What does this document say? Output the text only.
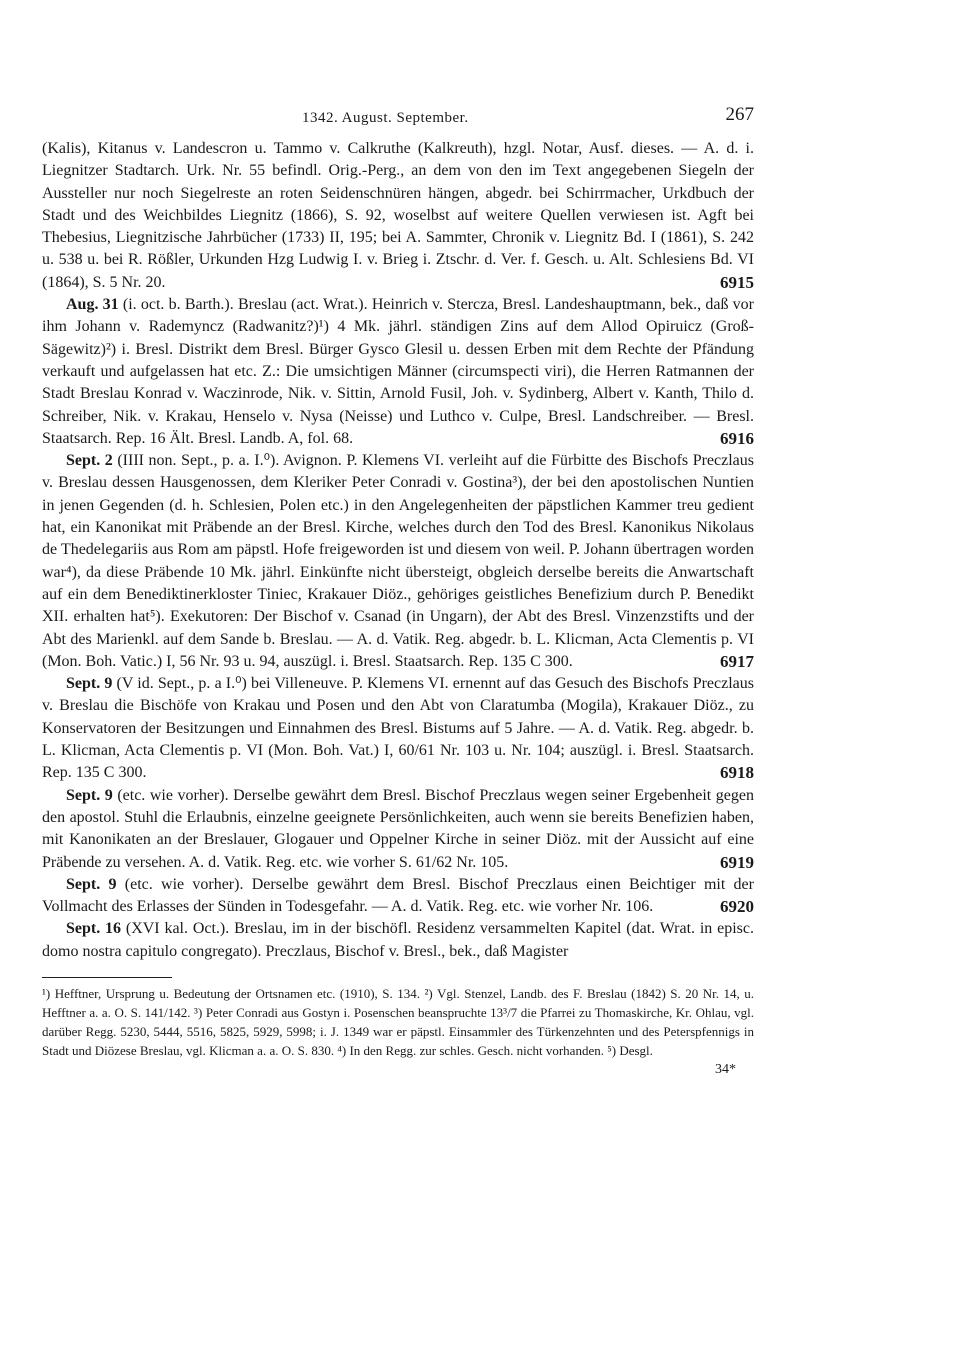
1342. August. September.	267

(Kalis), Kitanus v. Landescron u. Tammo v. Calkruthe (Kalkreuth), hzgl. Notar, Ausf. dieses. — A. d. i. Liegnitzer Stadtarch. Urk. Nr. 55 befindl. Orig.-Perg., an dem von den im Text angegebenen Siegeln der Aussteller nur noch Siegelreste an roten Seidenschnüren hängen, abgedr. bei Schirrmacher, Urkdbuch der Stadt und des Weichbildes Liegnitz (1866), S. 92, woselbst auf weitere Quellen verwiesen ist. Agft bei Thebesius, Liegnitzische Jahrbücher (1733) II, 195; bei A. Sammter, Chronik v. Liegnitz Bd. I (1861), S. 242 u. 538 u. bei R. Rößler, Urkunden Hzg Ludwig I. v. Brieg i. Ztschr. d. Ver. f. Gesch. u. Alt. Schlesiens Bd. VI (1864), S. 5 Nr. 20.	6915

Aug. 31 (i. oct. b. Barth.). Breslau (act. Wrat.). Heinrich v. Stercza, Bresl. Landeshauptmann, bek., daß vor ihm Johann v. Rademyncz (Radwanitz?)¹) 4 Mk. jährl. ständigen Zins auf dem Allod Opiruicz (Groß-Sägewitz)²) i. Bresl. Distrikt dem Bresl. Bürger Gysco Glesil u. dessen Erben mit dem Rechte der Pfändung verkauft und aufgelassen hat etc. Z.: Die umsichtigen Männer (circumspecti viri), die Herren Ratmannen der Stadt Breslau Konrad v. Waczinrode, Nik. v. Sittin, Arnold Fusil, Joh. v. Sydinberg, Albert v. Kanth, Thilo d. Schreiber, Nik. v. Krakau, Henselo v. Nysa (Neisse) und Luthco v. Culpe, Bresl. Landschreiber. — Bresl. Staatsarch. Rep. 16 Ält. Bresl. Landb. A, fol. 68.	6916

Sept. 2 (IIII non. Sept., p. a. I.⁰). Avignon. P. Klemens VI. verleiht auf die Fürbitte des Bischofs Preczlaus v. Breslau dessen Hausgenossen, dem Kleriker Peter Conradi v. Gostina³), der bei den apostolischen Nuntien in jenen Gegenden (d. h. Schlesien, Polen etc.) in den Angelegenheiten der päpstlichen Kammer treu gedient hat, ein Kanonikat mit Präbende an der Bresl. Kirche, welches durch den Tod des Bresl. Kanonikus Nikolaus de Thedelegariis aus Rom am päpstl. Hofe freigeworden ist und diesem von weil. P. Johann übertragen worden war⁴), da diese Präbende 10 Mk. jährl. Einkünfte nicht übersteigt, obgleich derselbe bereits die Anwartschaft auf ein dem Benediktinerkloster Tiniec, Krakauer Diöz., gehöriges geistliches Benefizium durch P. Benedikt XII. erhalten hat⁵). Exekutoren: Der Bischof v. Csanad (in Ungarn), der Abt des Bresl. Vinzenzstifts und der Abt des Marienkl. auf dem Sande b. Breslau. — A. d. Vatik. Reg. abgedr. b. L. Klicman, Acta Clementis p. VI (Mon. Boh. Vatic.) I, 56 Nr. 93 u. 94, auszügl. i. Bresl. Staatsarch. Rep. 135 C 300.	6917

Sept. 9 (V id. Sept., p. a I.⁰) bei Villeneuve. P. Klemens VI. ernennt auf das Gesuch des Bischofs Preczlaus v. Breslau die Bischöfe von Krakau und Posen und den Abt von Claratumba (Mogila), Krakauer Diöz., zu Konservatoren der Besitzungen und Einnahmen des Bresl. Bistums auf 5 Jahre. — A. d. Vatik. Reg. abgedr. b. L. Klicman, Acta Clementis p. VI (Mon. Boh. Vat.) I, 60/61 Nr. 103 u. Nr. 104; auszügl. i. Bresl. Staatsarch. Rep. 135 C 300.	6918

Sept. 9 (etc. wie vorher). Derselbe gewährt dem Bresl. Bischof Preczlaus wegen seiner Ergebenheit gegen den apostol. Stuhl die Erlaubnis, einzelne geeignete Persönlichkeiten, auch wenn sie bereits Benefizien haben, mit Kanonikaten an der Breslauer, Glogauer und Oppelner Kirche in seiner Diöz. mit der Aussicht auf eine Präbende zu versehen. A. d. Vatik. Reg. etc. wie vorher S. 61/62 Nr. 105.	6919

Sept. 9 (etc. wie vorher). Derselbe gewährt dem Bresl. Bischof Preczlaus einen Beichtiger mit der Vollmacht des Erlasses der Sünden in Todesgefahr. — A. d. Vatik. Reg. etc. wie vorher Nr. 106.	6920

Sept. 16 (XVI kal. Oct.). Breslau, im in der bischöfl. Residenz versammelten Kapitel (dat. Wrat. in episc. domo nostra capitulo congregato). Preczlaus, Bischof v. Bresl., bek., daß Magister

¹) Hefftner, Ursprung u. Bedeutung der Ortsnamen etc. (1910), S. 134. ²) Vgl. Stenzel, Landb. des F. Breslau (1842) S. 20 Nr. 14, u. Hefftner a. a. O. S. 141/142. ³) Peter Conradi aus Gostyn i. Posenschen beanspruchte 13³/7 die Pfarrei zu Thomaskirche, Kr. Ohlau, vgl. darüber Regg. 5230, 5444, 5516, 5825, 5929, 5998; i. J. 1349 war er päpstl. Einsammler des Türkenzehnten und des Peterspfennigs in Stadt und Diözese Breslau, vgl. Klicman a. a. O. S. 830. ⁴) In den Regg. zur schles. Gesch. nicht vorhanden. ⁵) Desgl.
34*
